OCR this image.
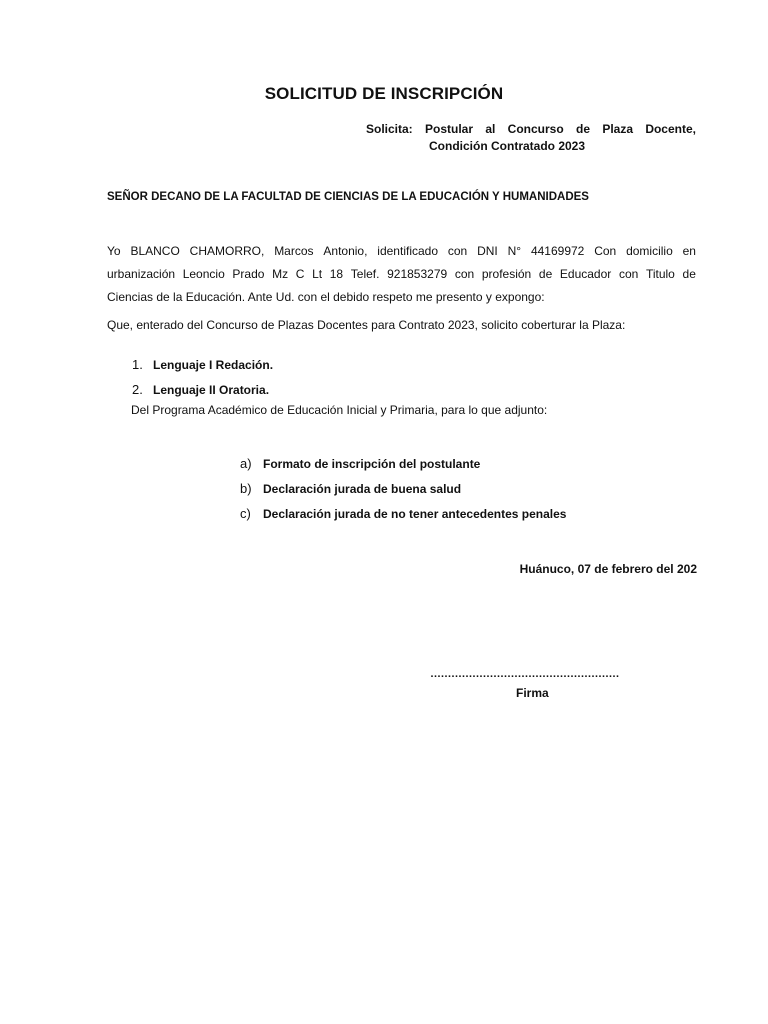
SOLICITUD DE INSCRIPCIÓN
Solicita: Postular al Concurso de Plaza Docente,
Condición Contratado 2023
SEÑOR DECANO DE LA FACULTAD DE CIENCIAS DE LA EDUCACIÓN Y HUMANIDADES
Yo BLANCO CHAMORRO, Marcos Antonio, identificado con DNI N° 44169972 Con domicilio en
urbanización Leoncio Prado Mz C Lt 18 Telef. 921853279 con profesión de Educador con Titulo de
Ciencias de la Educación. Ante Ud. con el debido respeto me presento y expongo:
Que, enterado del Concurso de Plazas Docentes para Contrato 2023, solicito coberturar la Plaza:
1. Lenguaje I Redación.
2. Lenguaje II Oratoria.
Del Programa Académico de Educación Inicial y Primaria, para lo que adjunto:
a) Formato de inscripción del postulante
b) Declaración jurada de buena salud
c)	Declaración jurada de no tener antecedentes penales
Huánuco, 07 de febrero del 202
………………………………………………
Firma
